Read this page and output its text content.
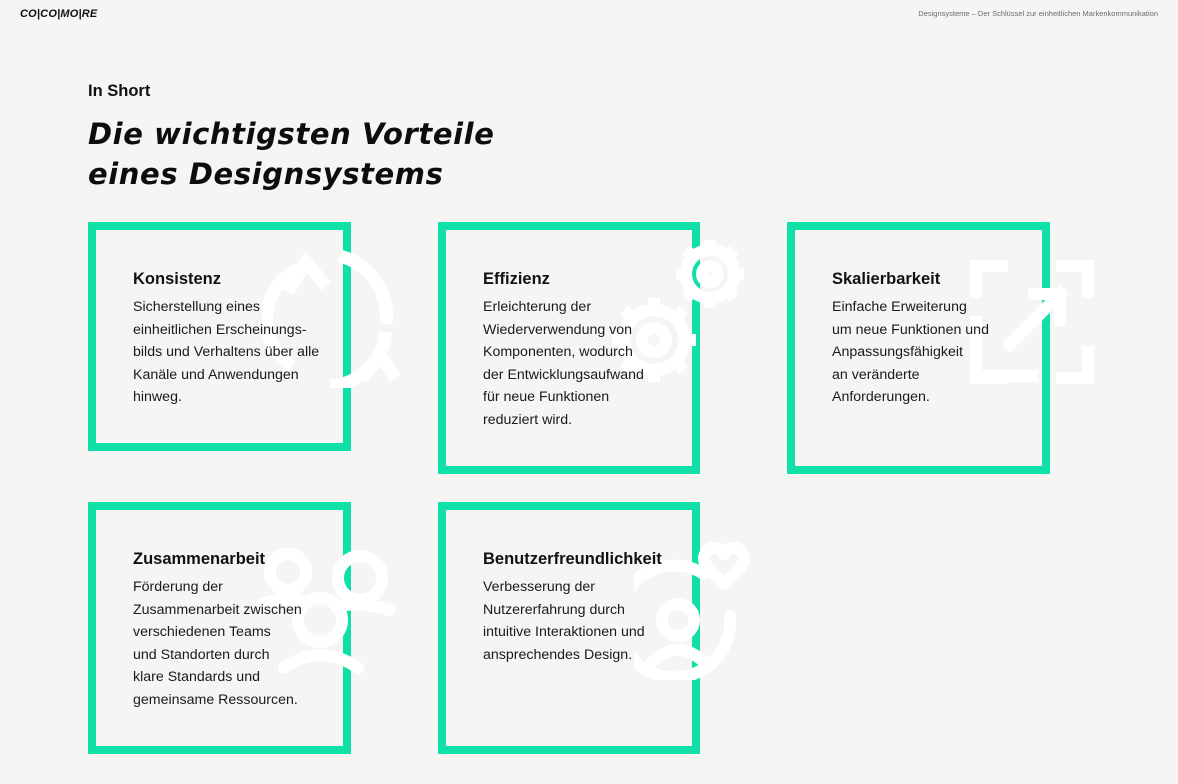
CO|CO|MO|RE	Designsysteme – Der Schlüssel zur einheitlichen Markenkommunikation
In Short
Die wichtigsten Vorteile
eines Designsystems
Konsistenz
Sicherstellung eines
einheitlichen Erscheinungs-
bilds und Verhaltens über alle
Kanäle und Anwendungen
hinweg.
Effizienz
Erleichterung der
Wiederverwendung von
Komponenten, wodurch
der Entwicklungsaufwand
für neue Funktionen
reduziert wird.
Skalierbarkeit
Einfache Erweiterung
um neue Funktionen und
Anpassungsfähigkeit
an veränderte
Anforderungen.
Zusammenarbeit
Förderung der
Zusammenarbeit zwischen
verschiedenen Teams
und Standorten durch
klare Standards und
gemeinsame Ressourcen.
Benutzerfreundlichkeit
Verbesserung der
Nutzererfahrung durch
intuitive Interaktionen und
ansprechendes Design.
